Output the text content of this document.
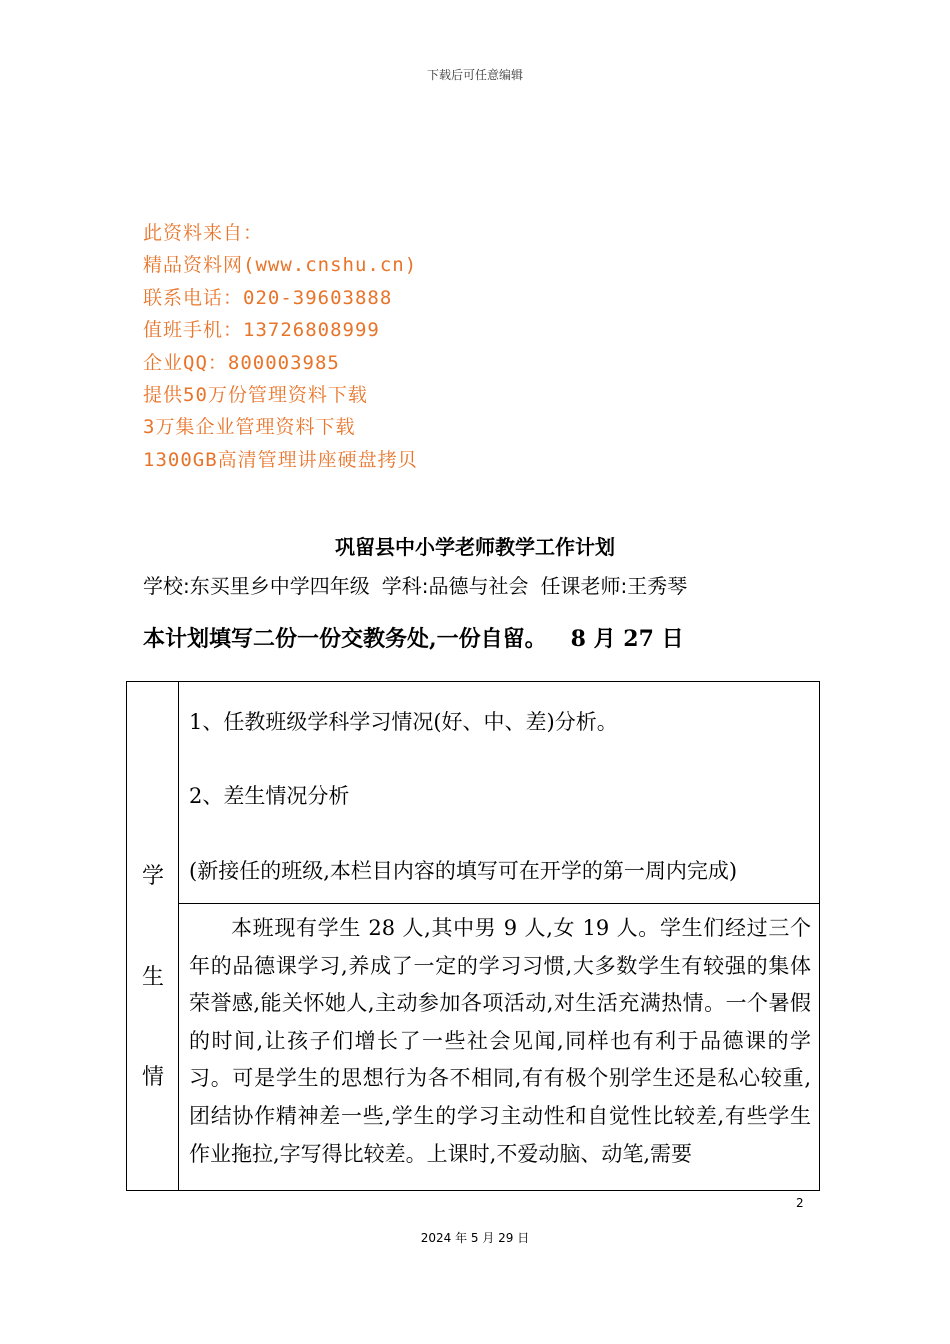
下载后可任意编辑
此资料来自：
精品资料网(www.cnshu.cn)
联系电话：020-39603888
值班手机：13726808999
企业QQ：800003985
提供50万份管理资料下载
3万集企业管理资料下载
1300GB高清管理讲座硬盘拷贝
巩留县中小学老师教学工作计划
学校:东买里乡中学四年级 学科:品德与社会 任课老师:王秀琴
本计划填写二份一份交教务处,一份自留。 8 月 27 日
学
生
情
1、任教班级学科学习情况(好、中、差)分析。
2、差生情况分析
(新接任的班级,本栏目内容的填写可在开学的第一周内完成)

本班现有学生 28 人,其中男 9 人,女 19 人。学生们经过三个年的品德课学习,养成了一定的学习习惯,大多数学生有较强的集体荣誉感,能关怀她人,主动参加各项活动,对生活充满热情。一个暑假的时间,让孩子们增长了一些社会见闻,同样也有利于品德课的学习。可是学生的思想行为各不相同,有有极个别学生还是私心较重,团结协作精神差一些,学生的学习主动性和自觉性比较差,有些学生作业拖拉,字写得比较差。上课时,不爱动脑、动笔,需要

2
2024 年 5 月 29 日
